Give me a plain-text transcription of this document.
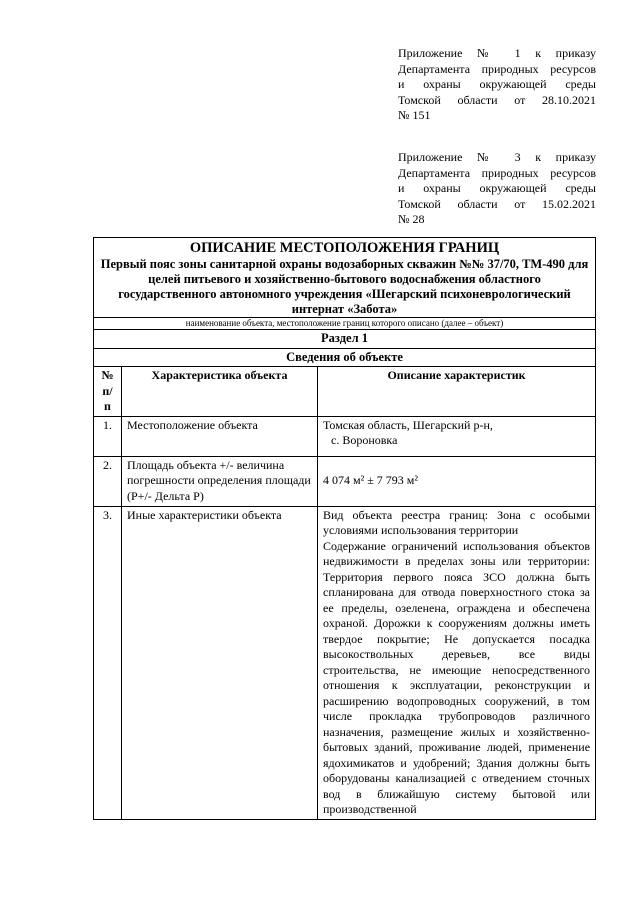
Приложение № 1 к приказу
Департамента природных ресурсов
и охраны окружающей среды
Томской области от 28.10.2021
№ 151
Приложение № 3 к приказу
Департамента природных ресурсов
и охраны окружающей среды
Томской области от 15.02.2021
№ 28
ОПИСАНИЕ МЕСТОПОЛОЖЕНИЯ ГРАНИЦ
Первый пояс зоны санитарной охраны водозаборных скважин №№ 37/70, ТМ-490 для целей питьевого и хозяйственно-бытового водоснабжения областного государственного автономного учреждения «Шегарский психоневрологический интернат «Забота»		

наименование объекта, местоположение границ которого описано (далее – объект)		
Раздел 1		
Сведения об объекте		
№ п/п	Характеристика объекта	Описание характеристик
1.	Местоположение объекта	Томская область, Шегарский р-н,
с. Вороновка

2.	Площадь объекта +/- величина погрешности определения площади (P+/- Дельта P)	4 074 м² ± 7 793 м²
3.	Иные характеристики объекта	Вид объекта реестра границ: Зона с особыми условиями использования территории
Содержание ограничений использования объектов недвижимости в пределах зоны или территории: Территория первого пояса ЗСО должна быть спланирована для отвода поверхностного стока за ее пределы, озеленена, ограждена и обеспечена охраной. Дорожки к сооружениям должны иметь твердое покрытие; Не допускается посадка высокоствольных деревьев, все виды строительства, не имеющие непосредственного отношения к эксплуатации, реконструкции и расширению водопроводных сооружений, в том числе прокладка трубопроводов различного назначения, размещение жилых и хозяйственно-бытовых зданий, проживание людей, применение ядохимикатов и удобрений; Здания должны быть оборудованы канализацией с отведением сточных вод в ближайшую систему бытовой или производственной
